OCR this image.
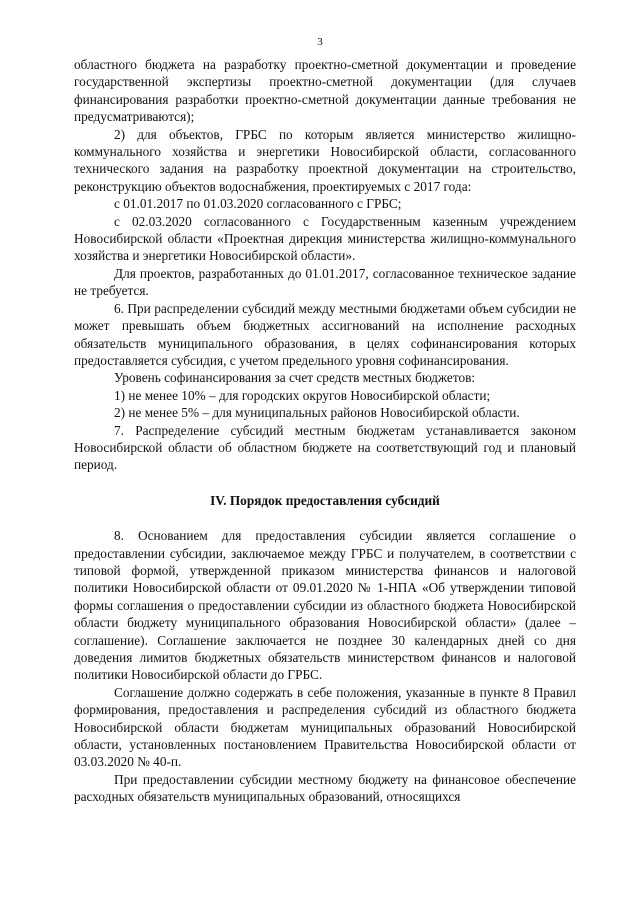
3

областного бюджета на разработку проектно-сметной документации и проведение государственной экспертизы проектно-сметной документации (для случаев финансирования разработки проектно-сметной документации данные требования не предусматриваются);

2) для объектов, ГРБС по которым является министерство жилищно-коммунального хозяйства и энергетики Новосибирской области, согласованного технического задания на разработку проектной документации на строительство, реконструкцию объектов водоснабжения, проектируемых с 2017 года:

с 01.01.2017 по 01.03.2020 согласованного с ГРБС;

с 02.03.2020 согласованного с Государственным казенным учреждением Новосибирской области «Проектная дирекция министерства жилищно-коммунального хозяйства и энергетики Новосибирской области».

Для проектов, разработанных до 01.01.2017, согласованное техническое задание не требуется.

6. При распределении субсидий между местными бюджетами объем субсидии не может превышать объем бюджетных ассигнований на исполнение расходных обязательств муниципального образования, в целях софинансирования которых предоставляется субсидия, с учетом предельного уровня софинансирования.

Уровень софинансирования за счет средств местных бюджетов:

1) не менее 10% – для городских округов Новосибирской области;

2) не менее 5% – для муниципальных районов Новосибирской области.

7. Распределение субсидий местным бюджетам устанавливается законом Новосибирской области об областном бюджете на соответствующий год и плановый период.

IV. Порядок предоставления субсидий

8. Основанием для предоставления субсидии является соглашение о предоставлении субсидии, заключаемое между ГРБС и получателем, в соответствии с типовой формой, утвержденной приказом министерства финансов и налоговой политики Новосибирской области от 09.01.2020 № 1-НПА «Об утверждении типовой формы соглашения о предоставлении субсидии из областного бюджета Новосибирской области бюджету муниципального образования Новосибирской области» (далее – соглашение). Соглашение заключается не позднее 30 календарных дней со дня доведения лимитов бюджетных обязательств министерством финансов и налоговой политики Новосибирской области до ГРБС.

Соглашение должно содержать в себе положения, указанные в пункте 8 Правил формирования, предоставления и распределения субсидий из областного бюджета Новосибирской области бюджетам муниципальных образований Новосибирской области, установленных постановлением Правительства Новосибирской области от 03.03.2020 № 40-п.

При предоставлении субсидии местному бюджету на финансовое обеспечение расходных обязательств муниципальных образований, относящихся
